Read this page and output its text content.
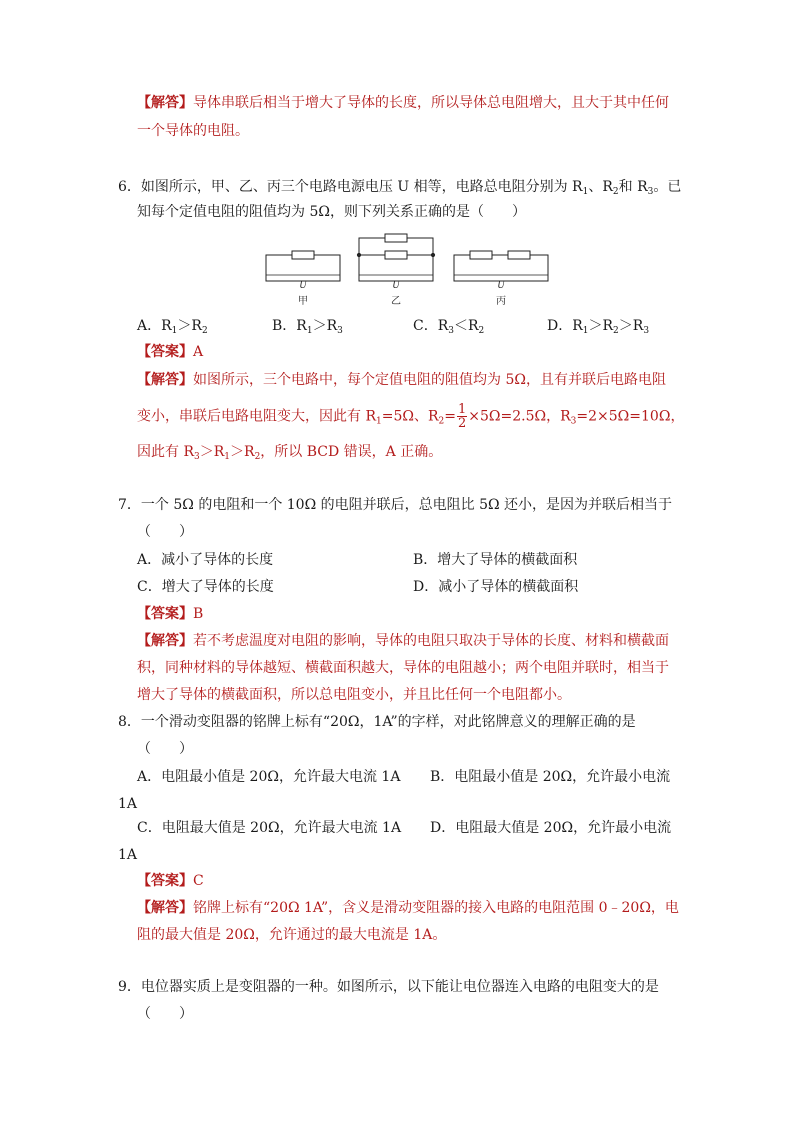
【解答】导体串联后相当于增大了导体的长度，所以导体总电阻增大，且大于其中任何
一个导体的电阻。
6．如图所示，甲、乙、丙三个电路电源电压 U 相等，电路总电阻分别为 $R_1$、$R_2$和 $R_3$。已
知每个定值电阻的阻值均为 5Ω，则下列关系正确的是（　　）
U	U	U
甲	乙	丙
A．$R_1>R_2$	B．$R_1>R_3$	C．$R_3<R_2$	D．$R_1>R_2>R_3$
【答案】A
【解答】如图所示，三个电路中，每个定值电阻的阻值均为 5Ω，且有并联后电路电阻
变小，串联后电路电阻变大，因此有 $R_1=5\Omega$、$R_2= \frac{1}{2} \times 5\Omega=2.5\Omega$，$R_3=2\times 5\Omega=10\Omega$，
因此有 $R_3>R_1>R_2$，所以 BCD 错误，A 正确。
7．一个 5Ω 的电阻和一个 10Ω 的电阻并联后，总电阻比 5Ω 还小，是因为并联后相当于
（　　）
A．减小了导体的长度	B．增大了导体的横截面积
C．增大了导体的长度	D．减小了导体的横截面积
【答案】B
【解答】若不考虑温度对电阻的影响，导体的电阻只取决于导体的长度、材料和横截面
积，同种材料的导体越短、横截面积越大，导体的电阻越小；两个电阻并联时，相当于
增大了导体的横截面积，所以总电阻变小，并且比任何一个电阻都小。
8．一个滑动变阻器的铭牌上标有“20Ω，1A”的字样，对此铭牌意义的理解正确的是
（　　）
A．电阻最小值是 20Ω，允许最大电流 1A B．电阻最小值是 20Ω，允许最小电流
1A
C．电阻最大值是 20Ω，允许最大电流 1A D．电阻最大值是 20Ω，允许最小电流
1A
【答案】C
【解答】铭牌上标有“20Ω 1A”，含义是滑动变阻器的接入电路的电阻范围 0﹣20Ω，电
阻的最大值是 20Ω，允许通过的最大电流是 1A。
9．电位器实质上是变阻器的一种。如图所示，以下能让电位器连入电路的电阻变大的是
（　　）
